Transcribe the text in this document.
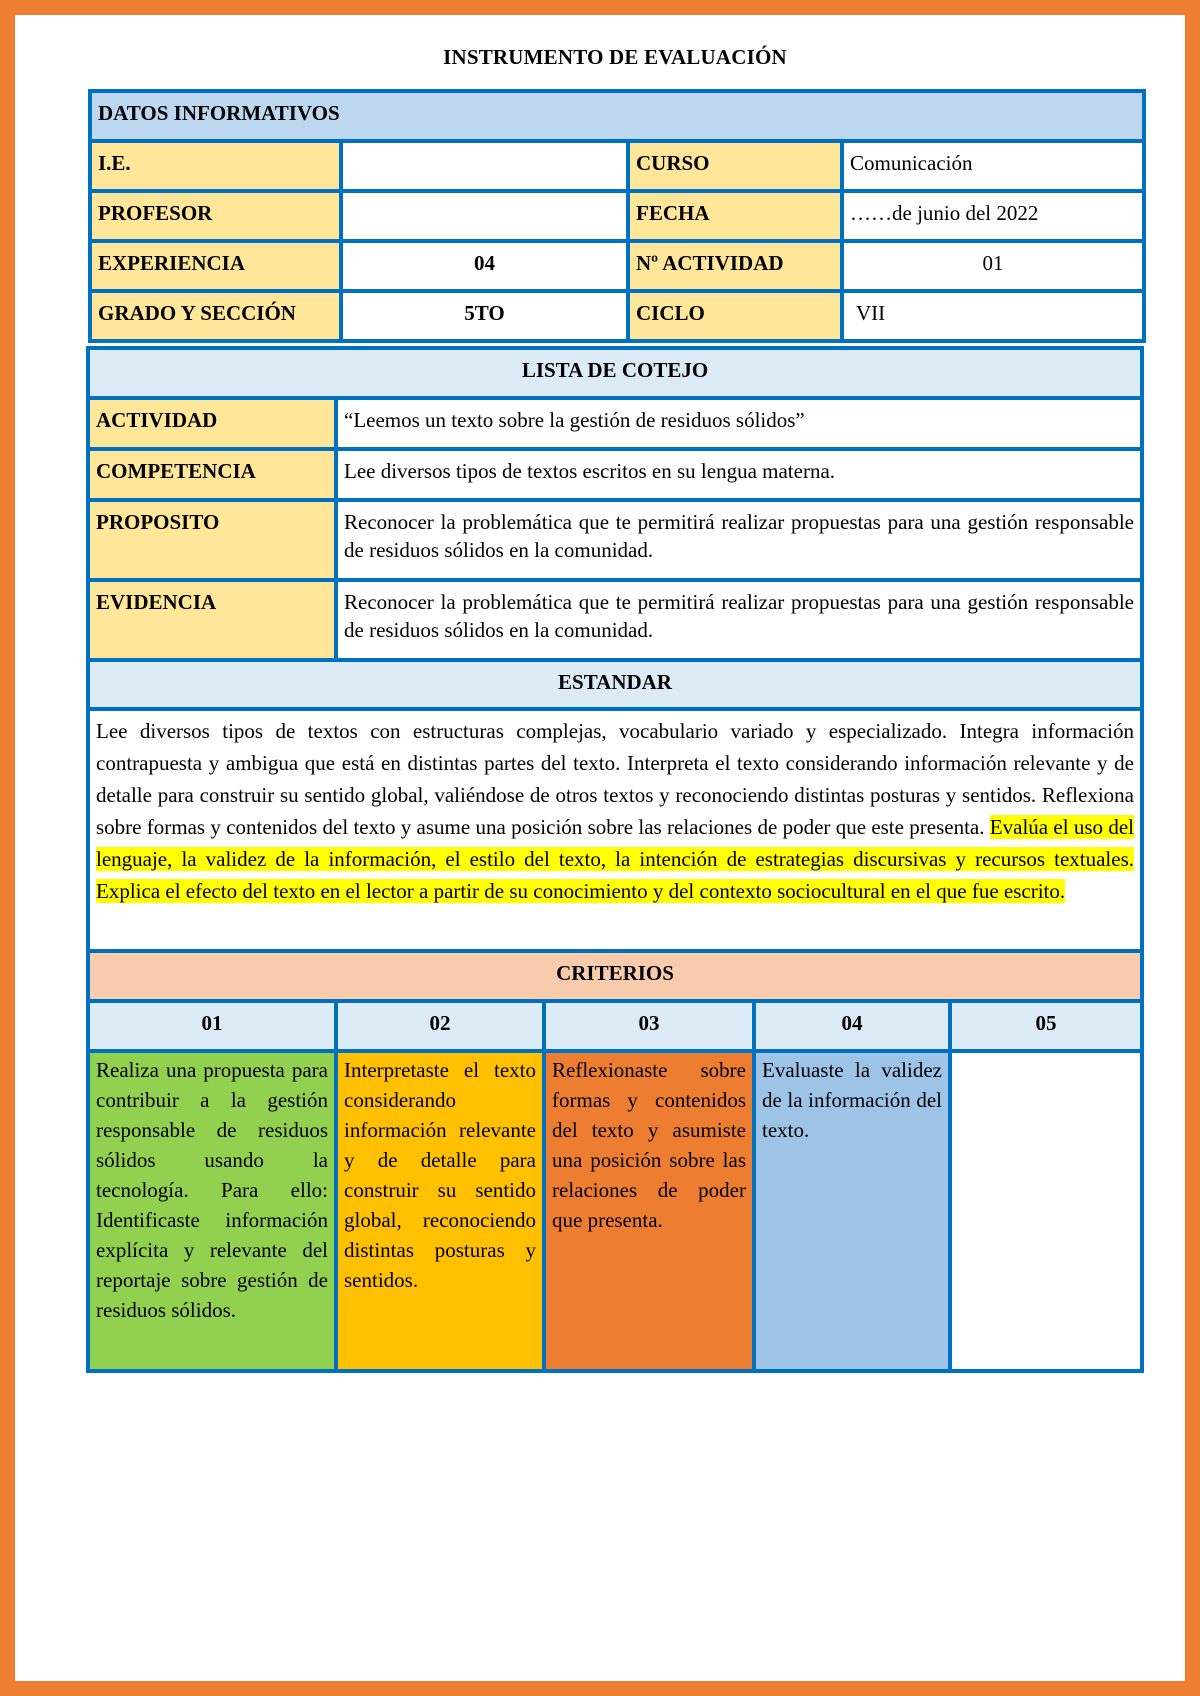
INSTRUMENTO DE EVALUACIÓN
DATOS INFORMATIVOS			
I.E.		CURSO	Comunicación
PROFESOR		FECHA	……de junio del 2022
EXPERIENCIA	04	Nº ACTIVIDAD	01
GRADO Y SECCIÓN	5TO	CICLO	VII
LISTA DE COTEJO				
ACTIVIDAD	“Leemos un texto sobre la gestión de residuos sólidos”			
COMPETENCIA	Lee diversos tipos de textos escritos en su lengua materna.			
PROPOSITO	Reconocer la problemática que te permitirá realizar propuestas para una gestión responsable de residuos sólidos en la comunidad.			
EVIDENCIA	Reconocer la problemática que te permitirá realizar propuestas para una gestión responsable de residuos sólidos en la comunidad.			
ESTANDAR				
Lee diversos tipos de textos con estructuras complejas, vocabulario variado y especializado. Integra información contrapuesta y ambigua que está en distintas partes del texto. Interpreta el texto considerando información relevante y de detalle para construir su sentido global, valiéndose de otros textos y reconociendo distintas posturas y sentidos. Reflexiona sobre formas y contenidos del texto y asume una posición sobre las relaciones de poder que este presenta. Evalúa el uso del lenguaje, la validez de la información, el estilo del texto, la intención de estrategias discursivas y recursos textuales. Explica el efecto del texto en el lector a partir de su conocimiento y del contexto sociocultural en el que fue escrito.				
CRITERIOS				
01	02	03	04	05
Realiza una propuesta para contribuir a la gestión responsable de residuos sólidos usando la tecnología. Para ello: Identificaste información explícita y relevante del reportaje sobre gestión de residuos sólidos.	Interpretaste el texto considerando información relevante y de detalle para construir su sentido global, reconociendo distintas posturas y sentidos.	Reflexionaste sobre formas y contenidos del texto y asumiste una posición sobre las relaciones de poder que presenta.	Evaluaste la validez de la información del texto.	
